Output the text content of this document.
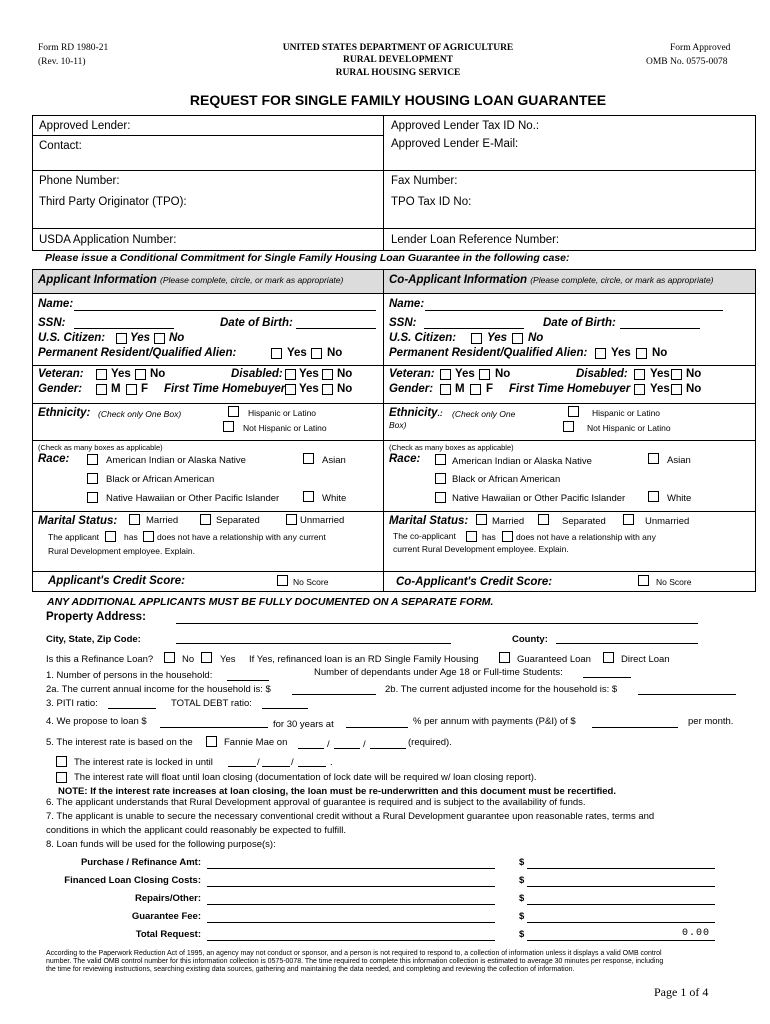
Form RD 1980-21
(Rev. 10-11)
UNITED STATES DEPARTMENT OF AGRICULTURE
RURAL DEVELOPMENT
RURAL HOUSING SERVICE
Form Approved
OMB No. 0575-0078
REQUEST FOR SINGLE FAMILY HOUSING LOAN GUARANTEE
Approved Lender:	Approved Lender Tax ID No.:
Contact:	Approved Lender E-Mail:
Phone Number:	Fax Number:
Third Party Originator (TPO):	TPO Tax ID No:
USDA Application Number:	Lender Loan Reference Number:
Please issue a Conditional Commitment for Single Family Housing Loan Guarantee in the following case:
Applicant Information (Please complete, circle, or mark as appropriate)
Name:
SSN:	Date of Birth:
U.S. Citizen: Yes No
Permanent Resident/Qualified Alien:	Yes No
Veteran: Yes No	Disabled: Yes No
Gender:	M F First Time Homebuyer Yes No
Ethnicity: (Check only One Box)	Hispanic or Latino
Not Hispanic or Latino
(Check as many boxes as applicable)
Race:	American Indian or Alaska Native	Asian
Black or African American
Native Hawaiian or Other Pacific Islander	White
Marital Status:	Married	Separated	Unmarried
The applicant	has does not have a relationship with any current
Rural Development employee. Explain.
Applicant's Credit Score:	No Score
Co-Applicant Information (Please complete, circle, or mark as appropriate)
Name:
SSN:	Date of Birth:
U.S. Citizen:	Yes No
Permanent Resident/Qualified Alien: Yes No
Veteran: Yes No	Disabled: Yes No
Gender: M F First Time Homebuyer Yes No
Ethnicity.: (Check only One
Box)
Hispanic or Latino
Not Hispanic or Latino
(Check as many boxes as applicable)
Race:	American Indian or Alaska Native	Asian
Black or African American
Native Hawaiian or Other Pacific Islander	White
Marital Status:	Married	Separated	Unmarried
The co-applicant	has does not have a relationship with any
current Rural Development employee. Explain.
Co-Applicant's Credit Score:	No Score
ANY ADDITIONAL APPLICANTS MUST BE FULLY DOCUMENTED ON A SEPARATE FORM.
Property Address:
City, State, Zip Code:	County:
Is this a Refinance Loan?	No	Yes If Yes, refinanced loan is an RD Single Family Housing	Guaranteed Loan	Direct Loan
1. Number of persons in the household:	Number of dependants under Age 18 or Full-time Students:
2a. The current annual income for the household is: $	2b. The current adjusted income for the household is: $
3. PITI ratio:	TOTAL DEBT ratio:
4. We propose to loan $	for 30 years at	% per annum with payments (P&I) of $	per month.
5. The interest rate is based on the	Fannie Mae on	/	/	(required).
The interest rate is locked in until	/	/	.
The interest rate will float until loan closing (documentation of lock date will be required w/ loan closing report).
NOTE: If the interest rate increases at loan closing, the loan must be re-underwritten and this document must be recertified.
6. The applicant understands that Rural Development approval of guarantee is required and is subject to the availability of funds.
7. The applicant is unable to secure the necessary conventional credit without a Rural Development guarantee upon reasonable rates, terms and
conditions in which the applicant could reasonably be expected to fulfill.
8. Loan funds will be used for the following purpose(s):
Purchase / Refinance Amt:	$
Financed Loan Closing Costs:	$
Repairs/Other:	$
Guarantee Fee:	$
Total Request:	$	0.00
According to the Paperwork Reduction Act of 1995, an agency may not conduct or sponsor, and a person is not required to respond to, a collection of information unless it displays a valid OMB control
number. The valid OMB control number for this information collection is 0575-0078. The time required to complete this information collection is estimated to average 30 minutes per response, including
the time for reviewing instructions, searching existing data sources, gathering and maintaining the data needed, and completing and reviewing the collection of information.
Page 1 of 4
